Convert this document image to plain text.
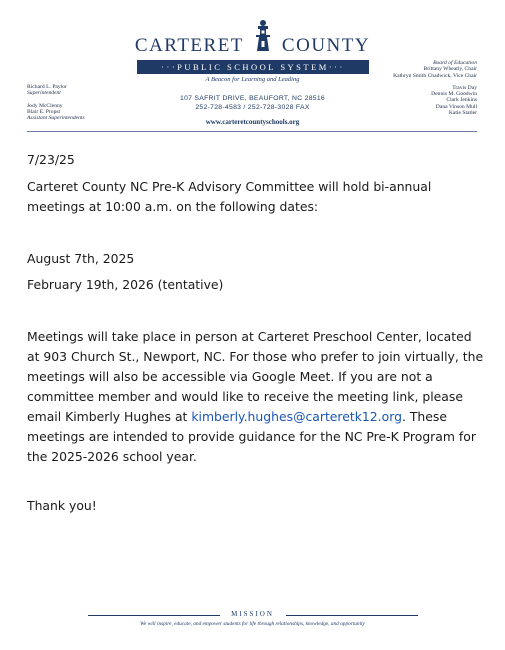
CARTERET COUNTY
···PUBLIC SCHOOL SYSTEM···
A Beacon for Learning and Leading
107 SAFRIT DRIVE, BEAUFORT, NC 28516
252-728-4583 / 252-728-3028 FAX
www.carteretcountyschools.org
Richard L. Paylor
Superintendent
Jody McClenny
Blair E. Propst
Assistant Superintendents
Board of Education
Brittany Wheatly, Chair
Kathryn Smith Chadwick, Vice Chair
Travis Day
Dennis M. Goodwin
Clark Jenkins
Dana Vinson Mull
Katie Statler
7/23/25
Carteret County NC Pre-K Advisory Committee will hold bi-annual meetings at 10:00 a.m. on the following dates:
August 7th, 2025
February 19th, 2026 (tentative)
Meetings will take place in person at Carteret Preschool Center, located at 903 Church St., Newport, NC. For those who prefer to join virtually, the meetings will also be accessible via Google Meet. If you are not a committee member and would like to receive the meeting link, please email Kimberly Hughes at kimberly.hughes@carteretk12.org. These meetings are intended to provide guidance for the NC Pre-K Program for the 2025-2026 school year.
Thank you!
MISSION
We will inspire, educate, and empower students for life through relationships, knowledge, and opportunity
